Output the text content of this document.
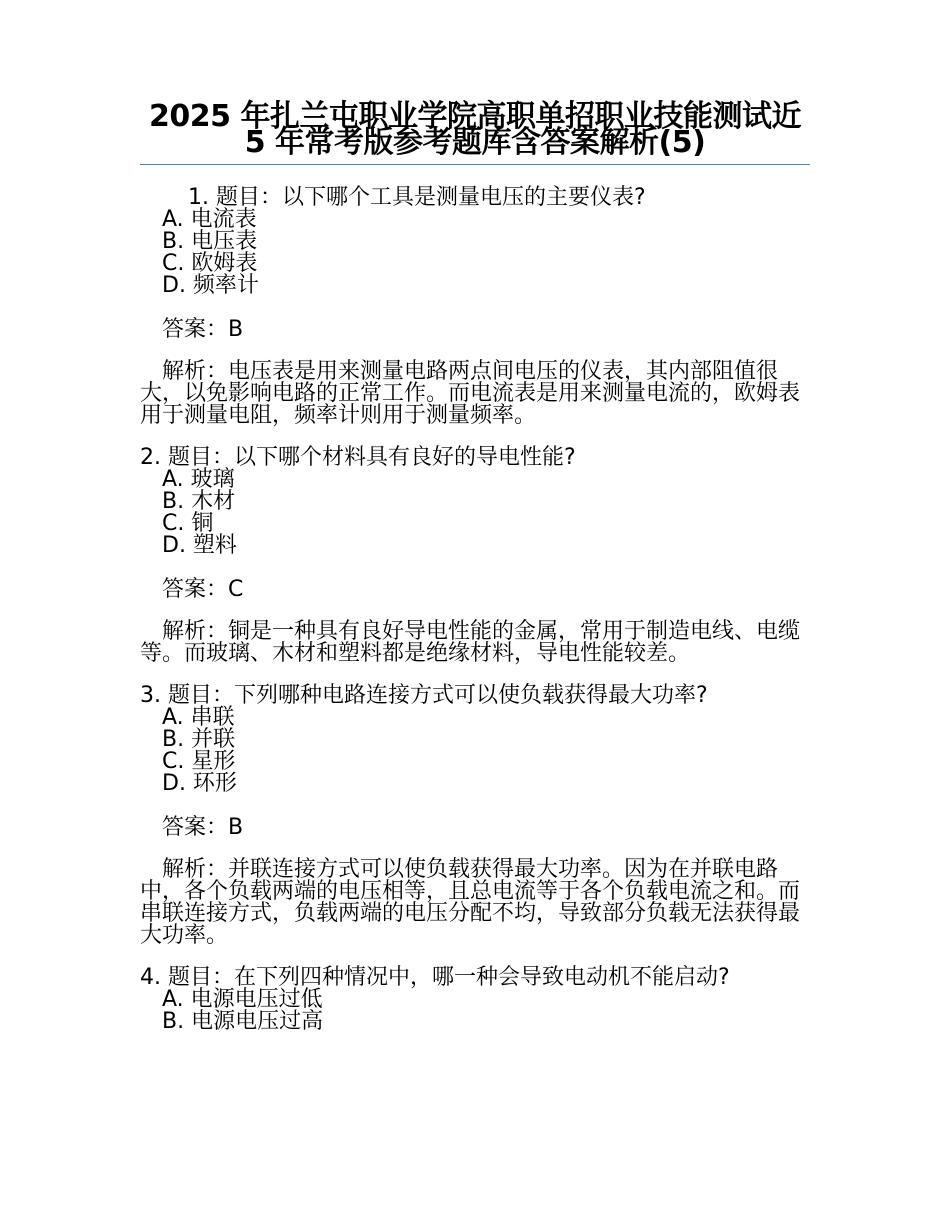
2025 年扎兰屯职业学院高职单招职业技能测试近 5 年常考版参考题库含答案解析(5)

1. 题目：以下哪个工具是测量电压的主要仪表?

A. 电流表
B. 电压表
C. 欧姆表
D. 频率计

答案：B

解析：电压表是用来测量电路两点间电压的仪表，其内部阻值很大，以免影响电路的正常工作。而电流表是用来测量电流的，欧姆表用于测量电阻，频率计则用于测量频率。

2. 题目：以下哪个材料具有良好的导电性能?

A. 玻璃
B. 木材
C. 铜
D. 塑料

答案：C

解析：铜是一种具有良好导电性能的金属，常用于制造电线、电缆等。而玻璃、木材和塑料都是绝缘材料，导电性能较差。

3. 题目：下列哪种电路连接方式可以使负载获得最大功率?

A. 串联
B. 并联
C. 星形
D. 环形

答案：B

解析：并联连接方式可以使负载获得最大功率。因为在并联电路中，各个负载两端的电压相等，且总电流等于各个负载电流之和。而串联连接方式，负载两端的电压分配不均，导致部分负载无法获得最大功率。

4. 题目：在下列四种情况中，哪一种会导致电动机不能启动?

A. 电源电压过低
B. 电源电压过高
